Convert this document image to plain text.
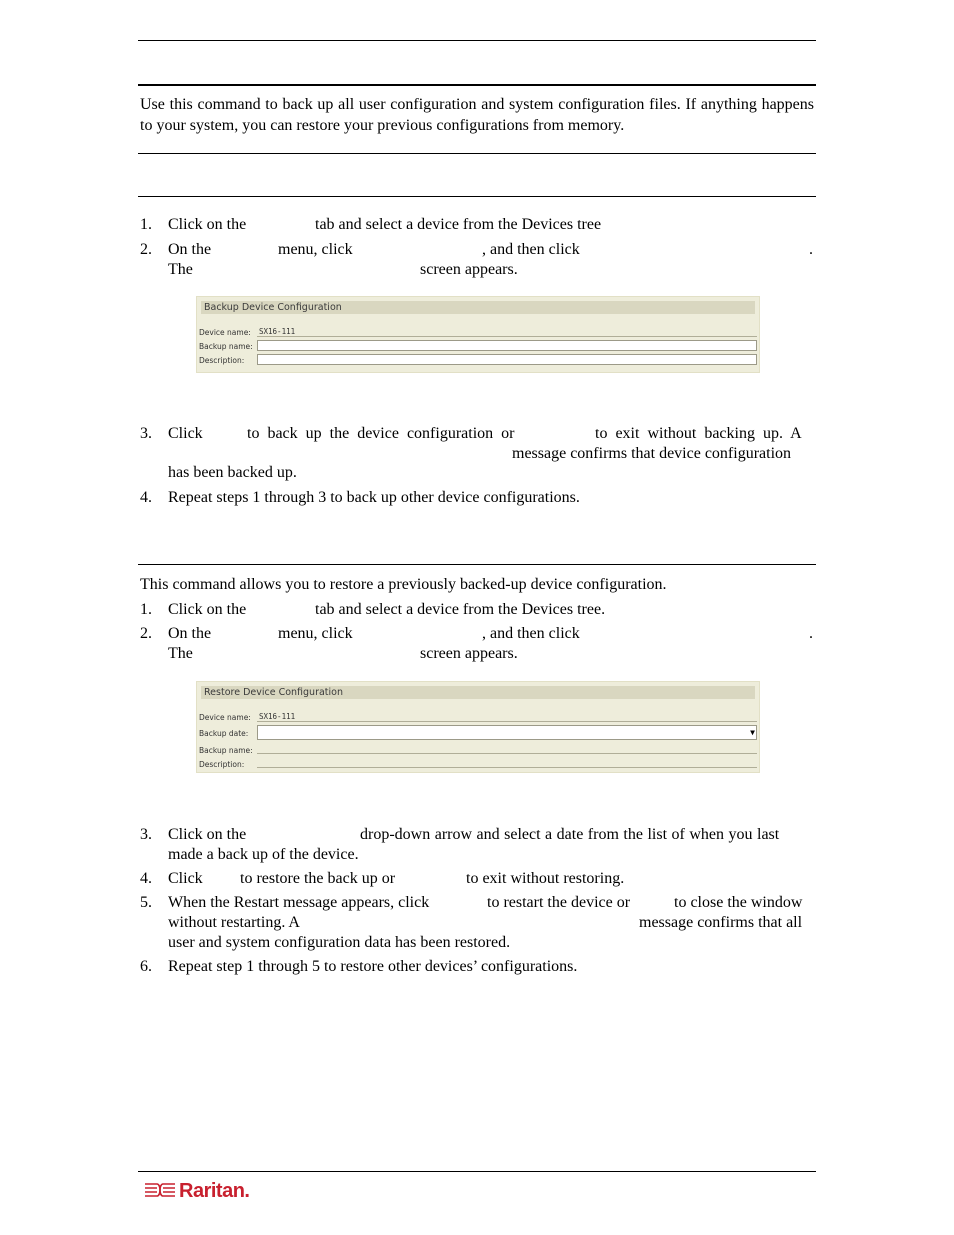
Use this command to back up all user configuration and system configuration files. If anything happens to your system, you can restore your previous configurations from memory.
1. Click on the	tab and select a device from the Devices tree
2. On the	menu, click	, and then click	.
The	screen appears.
Backup Device Configuration
Device name: SX16-111
Backup name:
Description:
3. Click	to back up the device configuration or	to exit without backing up. A
message confirms that device configuration
has been backed up.
4. Repeat steps 1 through 3 to back up other device configurations.
This command allows you to restore a previously backed-up device configuration.
1. Click on the	tab and select a device from the Devices tree.
2. On the	menu, click	, and then click	.
The	screen appears.
Restore Device Configuration
Device name: SX16-111
Backup date:	▼
Backup name:
Description:
3. Click on the	drop-down arrow and select a date from the list of when you last
made a back up of the device.
4. Click to restore the back up or	to exit without restoring.
5. When the Restart message appears, click	to restart the device or	to close the window
without restarting. A	message confirms that all
user and system configuration data has been restored.
6. Repeat step 1 through 5 to restore other devices’ configurations.
Raritan.
